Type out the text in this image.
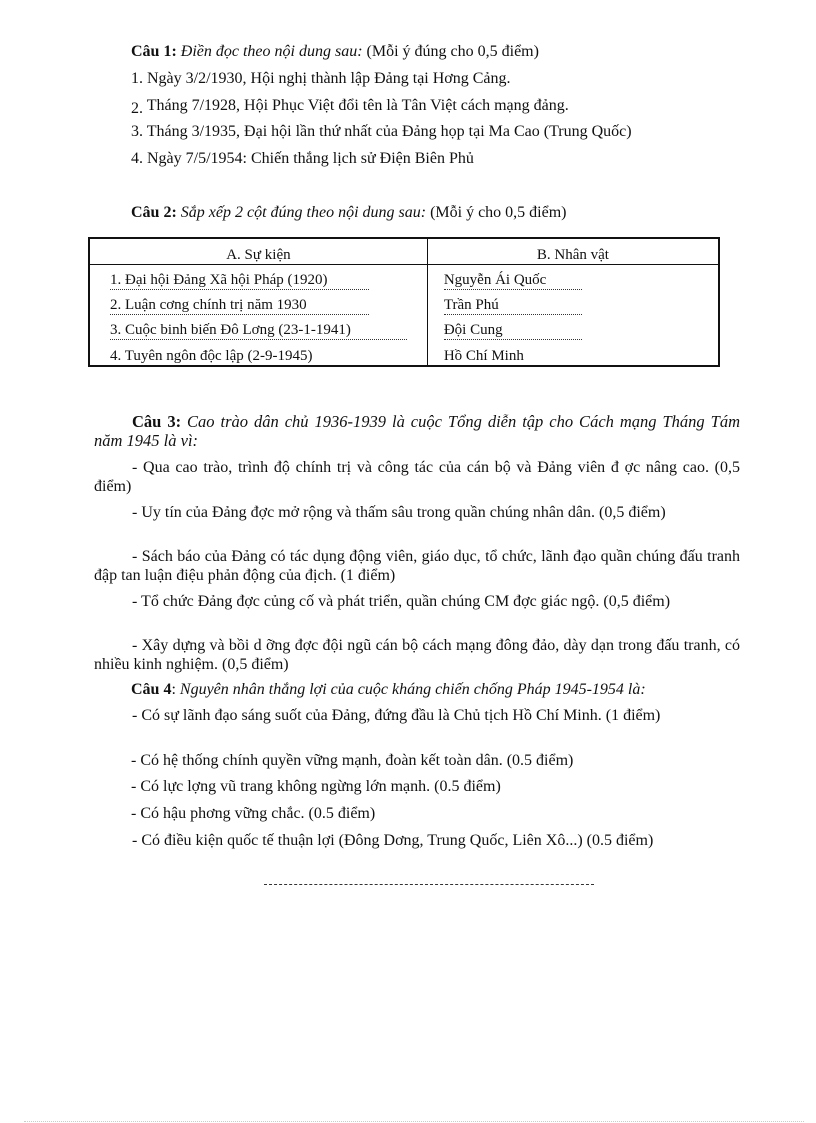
Câu 1: Điền đọc theo nội dung sau: (Mỗi ý đúng cho 0,5 điểm)
1. Ngày 3/2/1930, Hội nghị thành lập Đảng tại Hơng Cảng.
2. Tháng 7/1928, Hội Phục Việt đổi tên là Tân Việt cách mạng đảng.
3. Tháng 3/1935, Đại hội lần thứ nhất của Đảng họp tại Ma Cao (Trung Quốc)
4. Ngày 7/5/1954: Chiến thắng lịch sử Điện Biên Phủ
Câu 2: Sắp xếp 2 cột đúng theo nội dung sau: (Mỗi ý cho 0,5 điểm)
A. Sự kiện	B. Nhân vật
1. Đại hội Đảng Xã hội Pháp (1920)	Nguyễn Ái Quốc
2. Luận cơng chính trị năm 1930	Trần Phú
3. Cuộc binh biến Đô Lơng (23-1-1941)	Đội Cung
4. Tuyên ngôn độc lập (2-9-1945)	Hồ Chí Minh
Câu 3: Cao trào dân chủ 1936-1939 là cuộc Tổng diễn tập cho Cách mạng Tháng Tám năm 1945 là vì:
- Qua cao trào, trình độ chính trị và công tác của cán bộ và Đảng viên đ ợc nâng cao. (0,5 điểm)
- Uy tín của Đảng đợc mở rộng và thấm sâu trong quần chúng nhân dân. (0,5 điểm)
- Sách báo của Đảng có tác dụng động viên, giáo dục, tổ chức, lãnh đạo quần chúng đấu tranh đập tan luận điệu phản động của địch. (1 điểm)
- Tổ chức Đảng đợc củng cố và phát triển, quần chúng CM đợc giác ngộ. (0,5 điểm)
- Xây dựng và bồi d ỡng đợc đội ngũ cán bộ cách mạng đông đảo, dày dạn trong đấu tranh, có nhiều kinh nghiệm. (0,5 điểm)
Câu 4: Nguyên nhân thắng lợi của cuộc kháng chiến chống Pháp 1945-1954 là:
- Có sự lãnh đạo sáng suốt của Đảng, đứng đầu là Chủ tịch Hồ Chí Minh. (1 điểm)
- Có hệ thống chính quyền vững mạnh, đoàn kết toàn dân. (0.5 điểm)
- Có lực lợng vũ trang không ngừng lớn mạnh. (0.5 điểm)
- Có hậu phơng vững chắc. (0.5 điểm)
- Có điều kiện quốc tế thuận lợi (Đông Dơng, Trung Quốc, Liên Xô...) (0.5 điểm)
